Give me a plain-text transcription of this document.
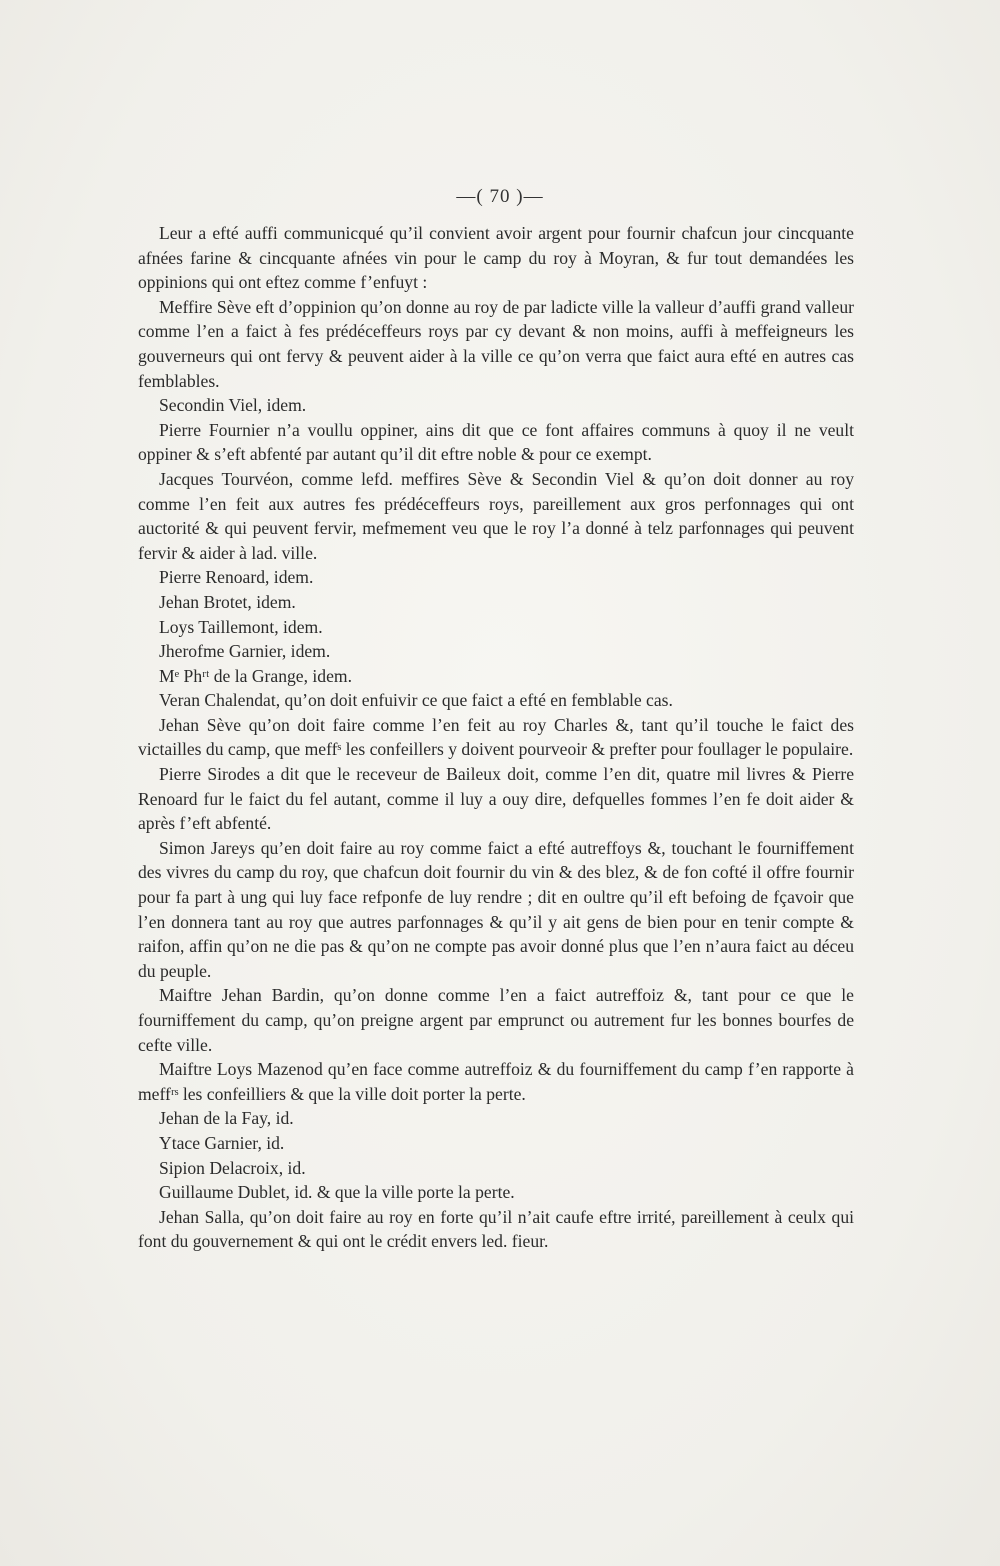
—( 70 )—

Leur a efté auffi communicqué qu’il convient avoir argent pour fournir chafcun jour cincquante afnées farine & cincquante afnées vin pour le camp du roy à Moyran, & fur tout demandées les oppinions qui ont eftez comme f’enfuyt :

Meffire Sève eft d’oppinion qu’on donne au roy de par ladicte ville la valleur d’auffi grand valleur comme l’en a faict à fes prédéceffeurs roys par cy devant & non moins, auffi à meffeigneurs les gouverneurs qui ont fervy & peuvent aider à la ville ce qu’on verra que faict aura efté en autres cas femblables.

Secondin Viel, idem.

Pierre Fournier n’a voullu oppiner, ains dit que ce font affaires communs à quoy il ne veult oppiner & s’eft abfenté par autant qu’il dit eftre noble & pour ce exempt.

Jacques Tourvéon, comme lefd. meffires Sève & Secondin Viel & qu’on doit donner au roy comme l’en feit aux autres fes prédéceffeurs roys, pareillement aux gros perfonnages qui ont auctorité & qui peuvent fervir, mefmement veu que le roy l’a donné à telz parfonnages qui peuvent fervir & aider à lad. ville.

Pierre Renoard, idem.

Jehan Brotet, idem.

Loys Taillemont, idem.

Jherofme Garnier, idem.

Mᵉ Phʳᵗ de la Grange, idem.

Veran Chalendat, qu’on doit enfuivir ce que faict a efté en femblable cas.

Jehan Sève qu’on doit faire comme l’en feit au roy Charles &, tant qu’il touche le faict des victailles du camp, que meffˢ les confeillers y doivent pourveoir & prefter pour foullager le populaire.

Pierre Sirodes a dit que le receveur de Baileux doit, comme l’en dit, quatre mil livres & Pierre Renoard fur le faict du fel autant, comme il luy a ouy dire, defquelles fommes l’en fe doit aider & après f’eft abfenté.

Simon Jareys qu’en doit faire au roy comme faict a efté autreffoys &, touchant le fourniffement des vivres du camp du roy, que chafcun doit fournir du vin & des blez, & de fon cofté il offre fournir pour fa part à ung qui luy face refponfe de luy rendre ; dit en oultre qu’il eft befoing de fçavoir que l’en donnera tant au roy que autres parfonnages & qu’il y ait gens de bien pour en tenir compte & raifon, affin qu’on ne die pas & qu’on ne compte pas avoir donné plus que l’en n’aura faict au déceu du peuple.

Maiftre Jehan Bardin, qu’on donne comme l’en a faict autreffoiz &, tant pour ce que le fourniffement du camp, qu’on preigne argent par emprunct ou autrement fur les bonnes bourfes de cefte ville.

Maiftre Loys Mazenod qu’en face comme autreffoiz & du fourniffement du camp f’en rapporte à meffʳˢ les confeilliers & que la ville doit porter la perte.

Jehan de la Fay, id.

Ytace Garnier, id.

Sipion Delacroix, id.

Guillaume Dublet, id. & que la ville porte la perte.

Jehan Salla, qu’on doit faire au roy en forte qu’il n’ait caufe eftre irrité, pareillement à ceulx qui font du gouvernement & qui ont le crédit envers led. fieur.
